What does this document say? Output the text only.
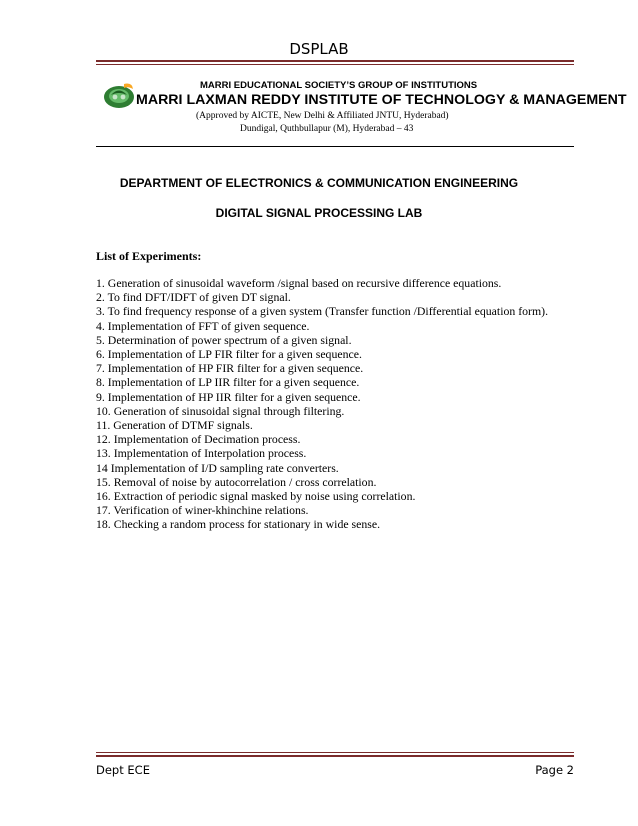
DSPLAB
MARRI EDUCATIONAL SOCIETY’S GROUP OF INSTITUTIONS
MARRI LAXMAN REDDY INSTITUTE OF TECHNOLOGY & MANAGEMENT
(Approved by AICTE, New Delhi & Affiliated JNTU, Hyderabad)
Dundigal, Quthbullapur (M), Hyderabad – 43
DEPARTMENT OF ELECTRONICS & COMMUNICATION ENGINEERING
DIGITAL SIGNAL PROCESSING LAB
List of Experiments:
1. Generation of sinusoidal waveform /signal based on recursive difference equations.
2. To find DFT/IDFT of given DT signal.
3. To find frequency response of a given system (Transfer function /Differential equation form).
4. Implementation of FFT of given sequence.
5. Determination of power spectrum of a given signal.
6. Implementation of LP FIR filter for a given sequence.
7. Implementation of HP FIR filter for a given sequence.
8. Implementation of LP IIR filter for a given sequence.
9. Implementation of HP IIR filter for a given sequence.
10. Generation of sinusoidal signal through filtering.
11. Generation of DTMF signals.
12. Implementation of Decimation process.
13. Implementation of Interpolation process.
14 Implementation of I/D sampling rate converters.
15. Removal of noise by autocorrelation / cross correlation.
16. Extraction of periodic signal masked by noise using correlation.
17. Verification of winer-khinchine relations.
18. Checking a random process for stationary in wide sense.
Dept ECE	Page 2
